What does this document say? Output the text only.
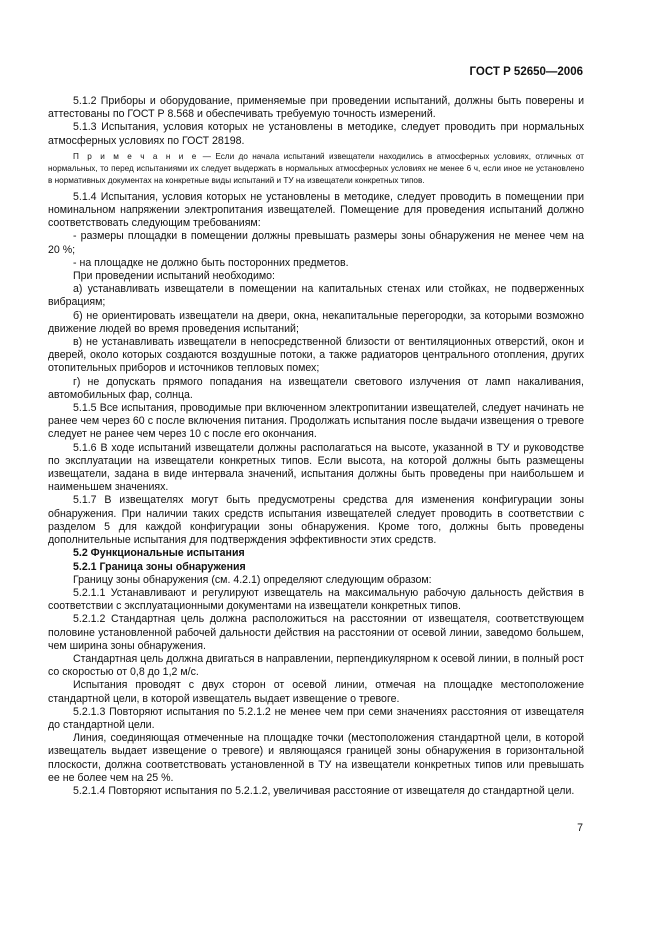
ГОСТ Р 52650—2006

5.1.2 Приборы и оборудование, применяемые при проведении испытаний, должны быть поверены и аттестованы по ГОСТ Р 8.568 и обеспечивать требуемую точность измерений.

5.1.3 Испытания, условия которых не установлены в методике, следует проводить при нормальных атмосферных условиях по ГОСТ 28198.

П р и м е ч а н и е — Если до начала испытаний извещатели находились в атмосферных условиях, отличных от нормальных, то перед испытаниями их следует выдержать в нормальных атмосферных условиях не менее 6 ч, если иное не установлено в нормативных документах на конкретные виды испытаний и ТУ на извещатели конкретных типов.

5.1.4 Испытания, условия которых не установлены в методике, следует проводить в помещении при номинальном напряжении электропитания извещателей. Помещение для проведения испытаний должно соответствовать следующим требованиям:

- размеры площадки в помещении должны превышать размеры зоны обнаружения не менее чем на 20 %;

- на площадке не должно быть посторонних предметов.

При проведении испытаний необходимо:

а) устанавливать извещатели в помещении на капитальных стенах или стойках, не подверженных вибрациям;

б) не ориентировать извещатели на двери, окна, некапитальные перегородки, за которыми возможно движение людей во время проведения испытаний;

в) не устанавливать извещатели в непосредственной близости от вентиляционных отверстий, окон и дверей, около которых создаются воздушные потоки, а также радиаторов центрального отопления, других отопительных приборов и источников тепловых помех;

г) не допускать прямого попадания на извещатели светового излучения от ламп накаливания, автомобильных фар, солнца.

5.1.5 Все испытания, проводимые при включенном электропитании извещателей, следует начинать не ранее чем через 60 с после включения питания. Продолжать испытания после выдачи извещения о тревоге следует не ранее чем через 10 с после его окончания.

5.1.6 В ходе испытаний извещатели должны располагаться на высоте, указанной в ТУ и руководстве по эксплуатации на извещатели конкретных типов. Если высота, на которой должны быть размещены извещатели, задана в виде интервала значений, испытания должны быть проведены при наибольшем и наименьшем значениях.

5.1.7 В извещателях могут быть предусмотрены средства для изменения конфигурации зоны обнаружения. При наличии таких средств испытания извещателей следует проводить в соответствии с разделом 5 для каждой конфигурации зоны обнаружения. Кроме того, должны быть проведены дополнительные испытания для подтверждения эффективности этих средств.

5.2 Функциональные испытания

5.2.1 Граница зоны обнаружения

Границу зоны обнаружения (см. 4.2.1) определяют следующим образом:

5.2.1.1 Устанавливают и регулируют извещатель на максимальную рабочую дальность действия в соответствии с эксплуатационными документами на извещатели конкретных типов.

5.2.1.2 Стандартная цель должна расположиться на расстоянии от извещателя, соответствующем половине установленной рабочей дальности действия на расстоянии от осевой линии, заведомо большем, чем ширина зоны обнаружения.

Стандартная цель должна двигаться в направлении, перпендикулярном к осевой линии, в полный рост со скоростью от 0,8 до 1,2 м/с.

Испытания проводят с двух сторон от осевой линии, отмечая на площадке местоположение стандартной цели, в которой извещатель выдает извещение о тревоге.

5.2.1.3 Повторяют испытания по 5.2.1.2 не менее чем при семи значениях расстояния от извещателя до стандартной цели.

Линия, соединяющая отмеченные на площадке точки (местоположения стандартной цели, в которой извещатель выдает извещение о тревоге) и являющаяся границей зоны обнаружения в горизонтальной плоскости, должна соответствовать установленной в ТУ на извещатели конкретных типов или превышать ее не более чем на 25 %.

5.2.1.4 Повторяют испытания по 5.2.1.2, увеличивая расстояние от извещателя до стандартной цели.

7
